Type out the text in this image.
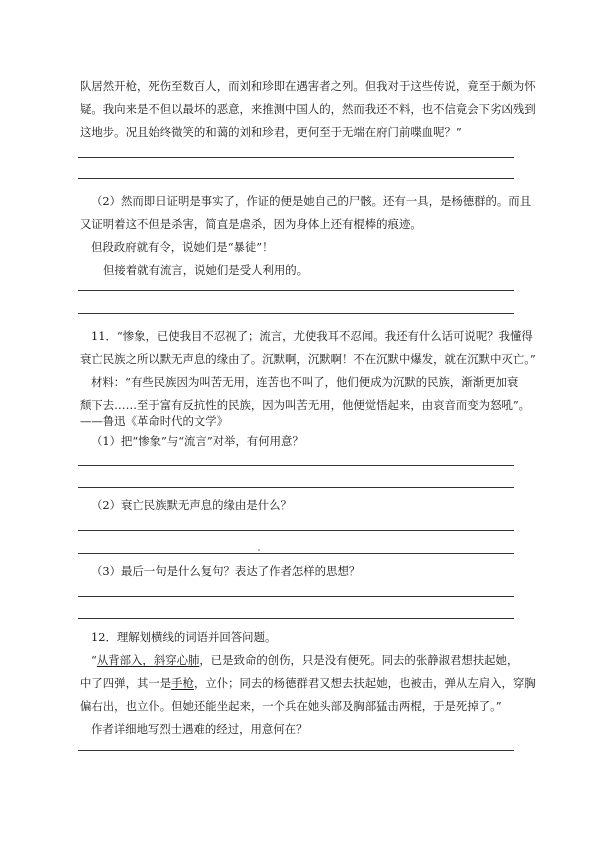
队居然开枪，死伤至数百人，而刘和珍即在遇害者之列。但我对于这些传说，竟至于颇为怀
疑。我向来是不但以最坏的恶意，来推测中国人的，然而我还不料，也不信竟会下劣凶残到
这地步。况且始终微笑的和蔼的刘和珍君，更何至于无端在府门前喋血呢？”
（2）然而即日证明是事实了，作证的便是她自己的尸骸。还有一具，是杨德群的。而且
又证明着这不但是杀害，简直是虐杀，因为身体上还有棍棒的痕迹。
但段政府就有令，说她们是“暴徒”！
但接着就有流言，说她们是受人利用的。
11．“惨象，已使我目不忍视了；流言，尤使我耳不忍闻。我还有什么话可说呢？我懂得
衰亡民族之所以默无声息的缘由了。沉默啊，沉默啊！不在沉默中爆发，就在沉默中灭亡。”
材料：“有些民族因为叫苦无用，连苦也不叫了，他们便成为沉默的民族，渐渐更加衰
颓下去……至于富有反抗性的民族，因为叫苦无用，他便觉悟起来，由哀音而变为怒吼”。
——鲁迅《革命时代的文学》
（1）把“惨象”与“流言”对举，有何用意？
（2）衰亡民族默无声息的缘由是什么？
（3）最后一句是什么复句？表达了作者怎样的思想？
12．理解划横线的词语并回答问题。
“从背部入，斜穿心肺，已是致命的创伤，只是没有便死。同去的张静淑君想扶起她，
中了四弹，其一是手枪，立仆；同去的杨德群君又想去扶起她，也被击，弹从左肩入，穿胸
偏右出，也立仆。但她还能坐起来，一个兵在她头部及胸部猛击两棍，于是死掉了。”
作者详细地写烈士遇难的经过，用意何在？
